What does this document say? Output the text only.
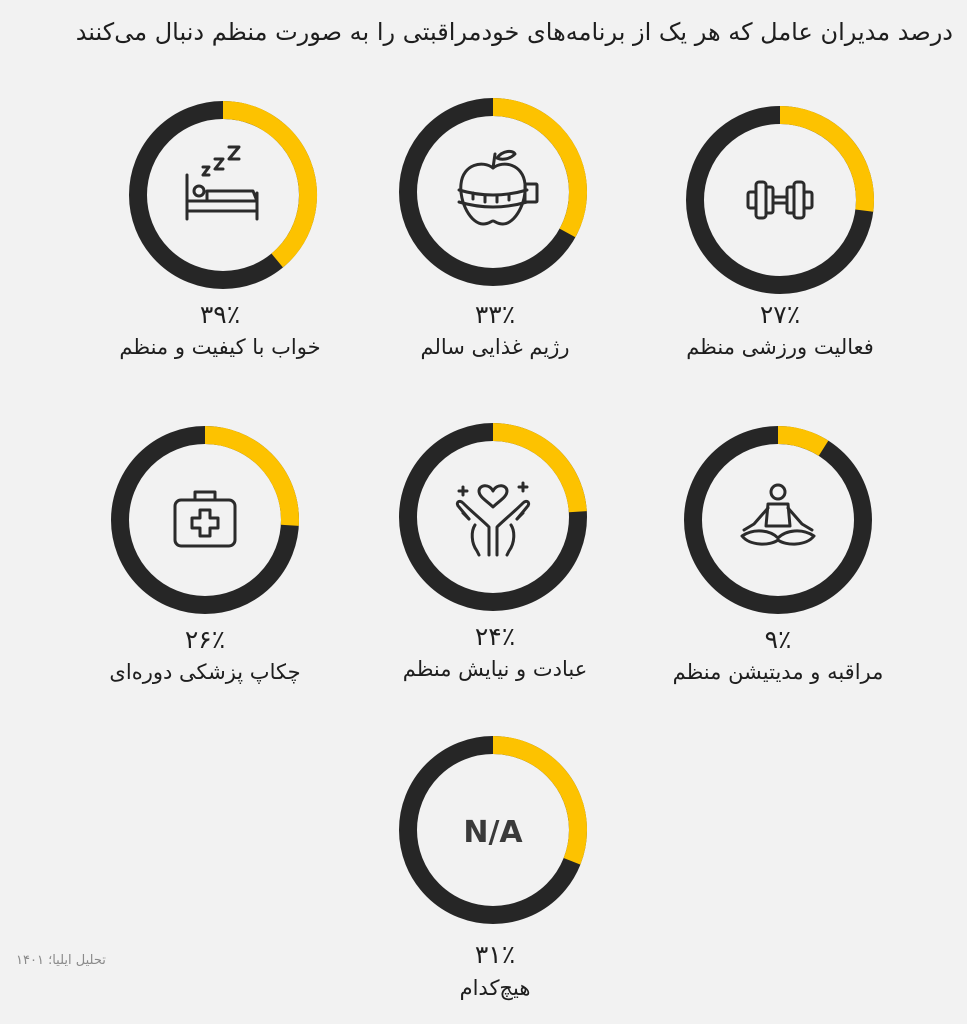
درصد مدیران عامل که هر یک از برنامه‌های خودمراقبتی را به صورت منظم دنبال می‌کنند
۲۷٪
فعالیت ورزشی منظم
۳۳٪
رژیم غذایی سالم
۳۹٪
خواب با کیفیت و منظم
۹٪
مراقبه و مدیتیشن منظم
۲۴٪
عبادت و نیایش منظم
۲۶٪
چکاپ پزشکی دوره‌ای
N/A
۳۱٪
هیچ‌کدام
تحلیل ایلیا؛ ۱۴۰۱
